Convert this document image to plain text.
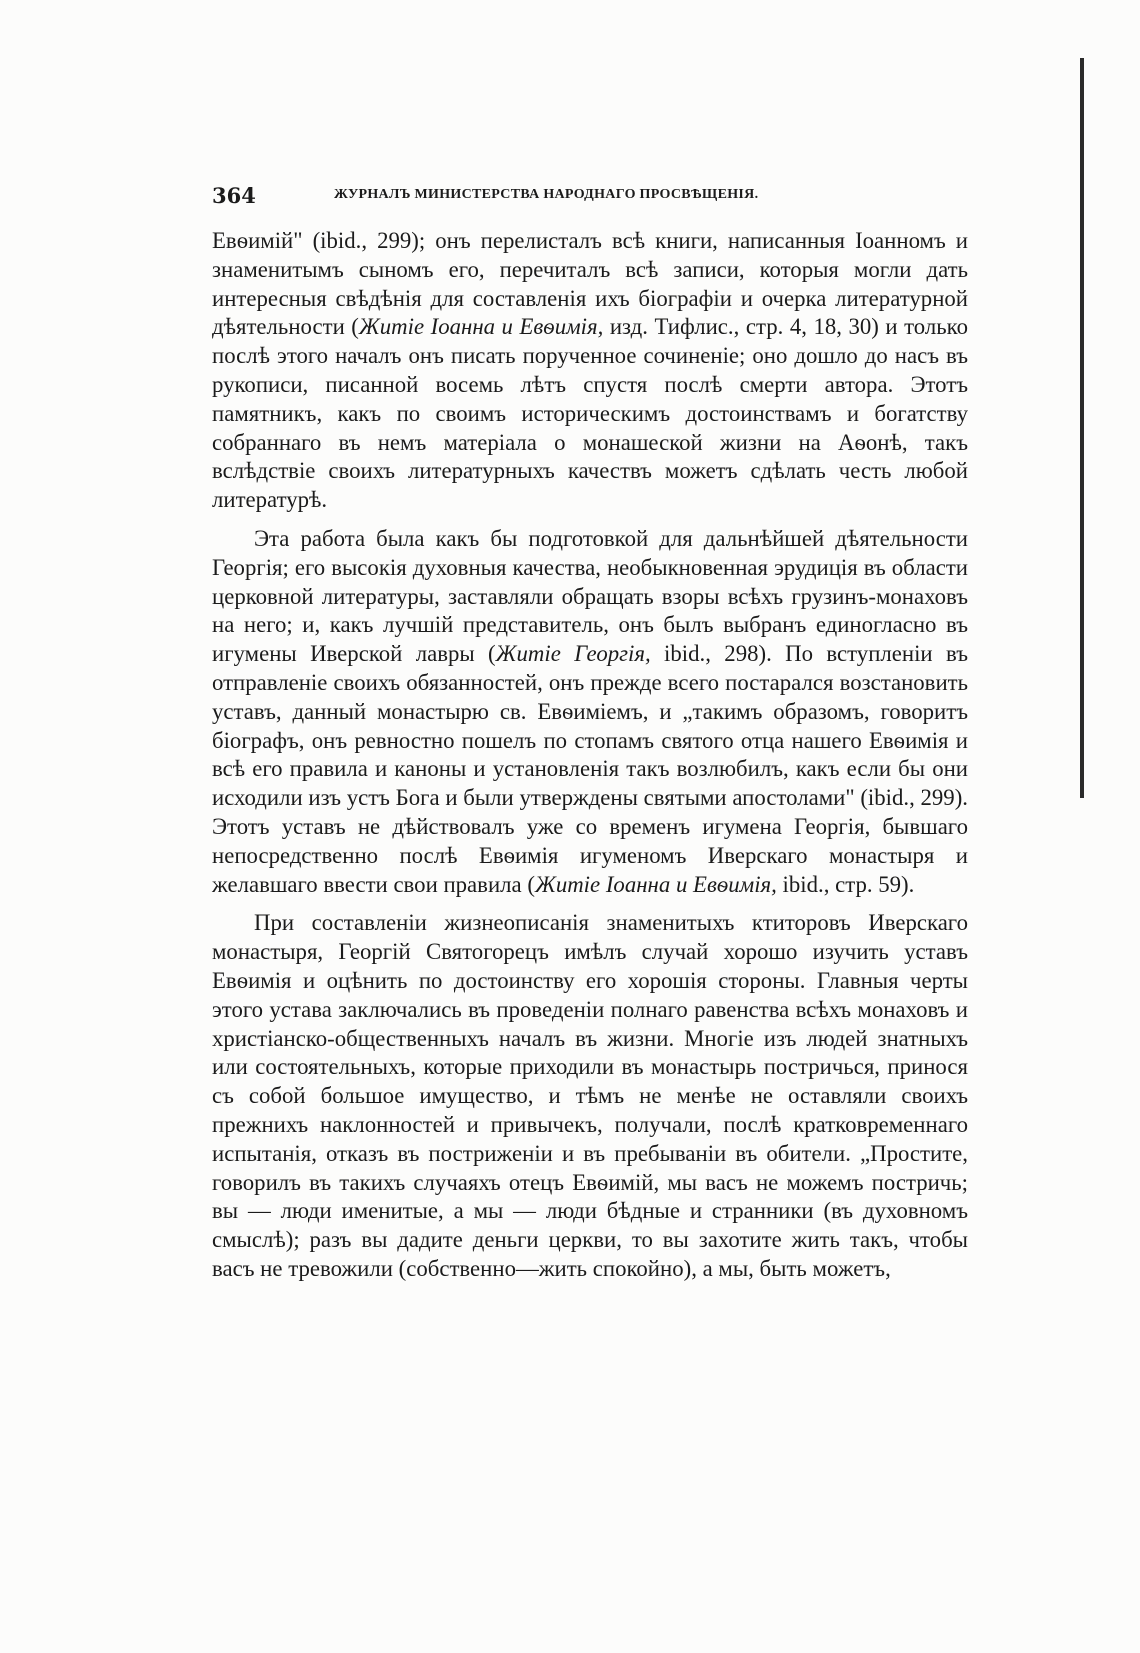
364	ЖУРНАЛЪ МИНИСТЕРСТВА НАРОДНАГО ПРОСВѢЩЕНІЯ.

Евѳимій" (ibid., 299); онъ перелисталъ всѣ книги, написанныя Іоанномъ и знаменитымъ сыномъ его, перечиталъ всѣ записи, которыя могли дать интересныя свѣдѣнія для составленія ихъ біографіи и очерка литературной дѣятельности (Житіе Іоанна и Евѳимія, изд. Тифлис., стр. 4, 18, 30) и только послѣ этого началъ онъ писать порученное сочиненіе; оно дошло до насъ въ рукописи, писанной восемь лѣтъ спустя послѣ смерти автора. Этотъ памятникъ, какъ по своимъ историческимъ достоинствамъ и богатству собраннаго въ немъ матеріала о монашеской жизни на Аѳонѣ, такъ вслѣдствіе своихъ литературныхъ качествъ можетъ сдѣлать честь любой литературѣ.

Эта работа была какъ бы подготовкой для дальнѣйшей дѣятельности Георгія; его высокія духовныя качества, необыкновенная эрудиція въ области церковной литературы, заставляли обращать взоры всѣхъ грузинъ-монаховъ на него; и, какъ лучшій представитель, онъ былъ выбранъ единогласно въ игумены Иверской лавры (Житіе Георгія, ibid., 298). По вступленіи въ отправленіе своихъ обязанностей, онъ прежде всего постарался возстановить уставъ, данный монастырю св. Евѳиміемъ, и „такимъ образомъ, говоритъ біографъ, онъ ревностно пошелъ по стопамъ святого отца нашего Евѳимія и всѣ его правила и каноны и установленія такъ возлюбилъ, какъ если бы они исходили изъ устъ Бога и были утверждены святыми апостолами" (ibid., 299). Этотъ уставъ не дѣйствовалъ уже со временъ игумена Георгія, бывшаго непосредственно послѣ Евѳимія игуменомъ Иверскаго монастыря и желавшаго ввести свои правила (Житіе Іоанна и Евѳимія, ibid., стр. 59).

При составленіи жизнеописанія знаменитыхъ ктиторовъ Иверскаго монастыря, Георгій Святогорецъ имѣлъ случай хорошо изучить уставъ Евѳимія и оцѣнить по достоинству его хорошія стороны. Главныя черты этого устава заключались въ проведеніи полнаго равенства всѣхъ монаховъ и христіанско-общественныхъ началъ въ жизни. Многіе изъ людей знатныхъ или состоятельныхъ, которые приходили въ монастырь постричься, принося съ собой большое имущество, и тѣмъ не менѣе не оставляли своихъ прежнихъ наклонностей и привычекъ, получали, послѣ кратковременнаго испытанія, отказъ въ постриженіи и въ пребываніи въ обители. „Простите, говорилъ въ такихъ случаяхъ отецъ Евѳимій, мы васъ не можемъ постричь; вы — люди именитые, а мы — люди бѣдные и странники (въ духовномъ смыслѣ); разъ вы дадите деньги церкви, то вы захотите жить такъ, чтобы васъ не тревожили (собственно—жить спокойно), а мы, быть можетъ,
